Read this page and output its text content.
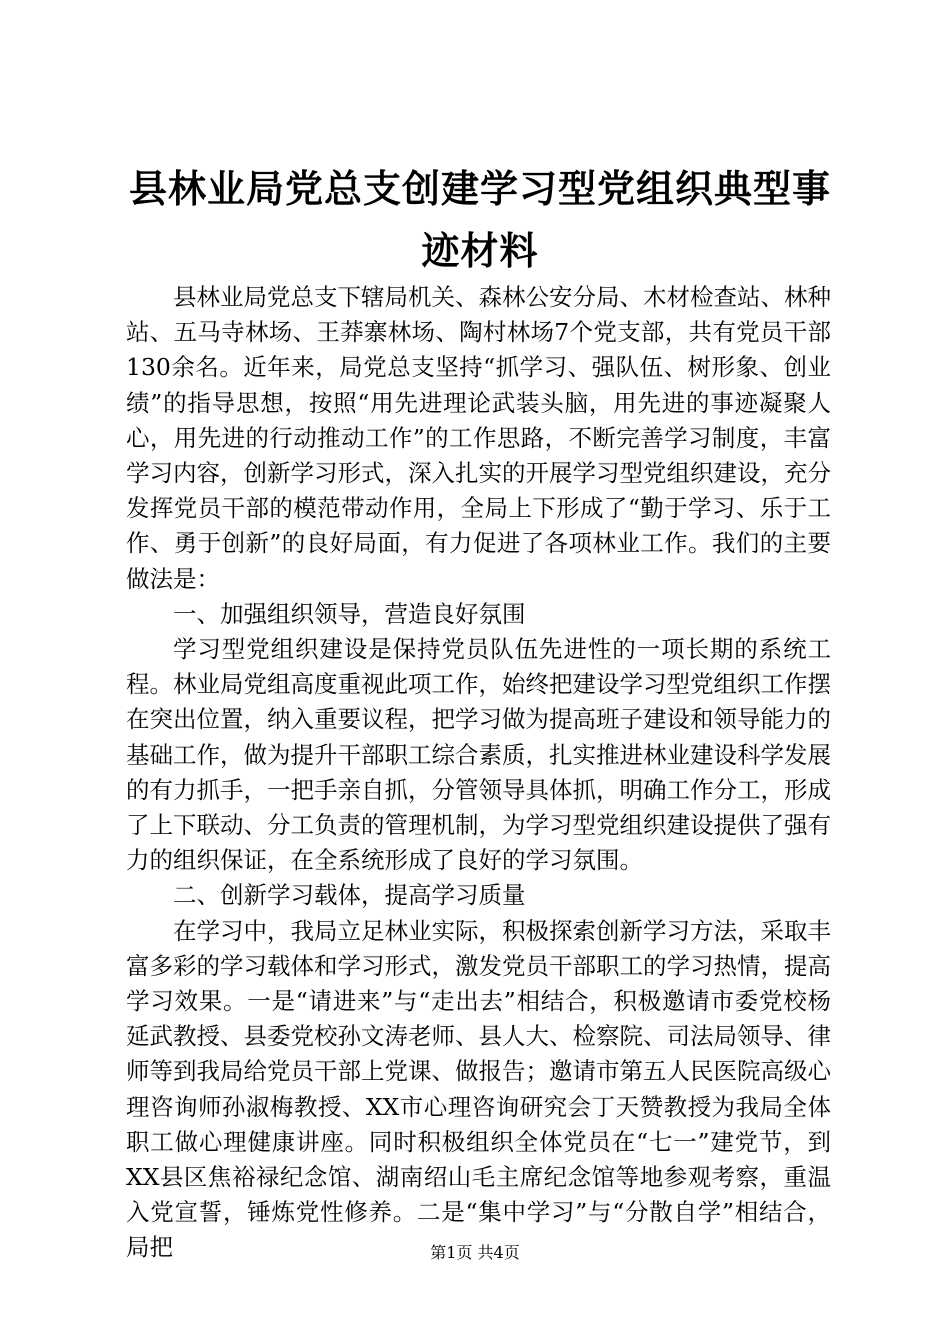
县林业局党总支创建学习型党组织典型事迹材料

县林业局党总支下辖局机关、森林公安分局、木材检查站、林种站、五马寺林场、王莽寨林场、陶村林场7个党支部，共有党员干部130余名。近年来，局党总支坚持“抓学习、强队伍、树形象、创业绩”的指导思想，按照“用先进理论武装头脑，用先进的事迹凝聚人心，用先进的行动推动工作”的工作思路，不断完善学习制度，丰富学习内容，创新学习形式，深入扎实的开展学习型党组织建设，充分发挥党员干部的模范带动作用，全局上下形成了“勤于学习、乐于工作、勇于创新”的良好局面，有力促进了各项林业工作。我们的主要做法是：

一、加强组织领导，营造良好氛围

学习型党组织建设是保持党员队伍先进性的一项长期的系统工程。林业局党组高度重视此项工作，始终把建设学习型党组织工作摆在突出位置，纳入重要议程，把学习做为提高班子建设和领导能力的基础工作，做为提升干部职工综合素质，扎实推进林业建设科学发展的有力抓手，一把手亲自抓，分管领导具体抓，明确工作分工，形成了上下联动、分工负责的管理机制，为学习型党组织建设提供了强有力的组织保证，在全系统形成了良好的学习氛围。

二、创新学习载体，提高学习质量

在学习中，我局立足林业实际，积极探索创新学习方法，采取丰富多彩的学习载体和学习形式，激发党员干部职工的学习热情，提高学习效果。一是“请进来”与“走出去”相结合，积极邀请市委党校杨延武教授、县委党校孙文涛老师、县人大、检察院、司法局领导、律师等到我局给党员干部上党课、做报告；邀请市第五人民医院高级心理咨询师孙淑梅教授、XX市心理咨询研究会丁天赞教授为我局全体职工做心理健康讲座。同时积极组织全体党员在“七一”建党节，到XX县区焦裕禄纪念馆、湖南绍山毛主席纪念馆等地参观考察，重温入党宣誓，锤炼党性修养。二是“集中学习”与“分散自学”相结合，局把	第1页 共4页
